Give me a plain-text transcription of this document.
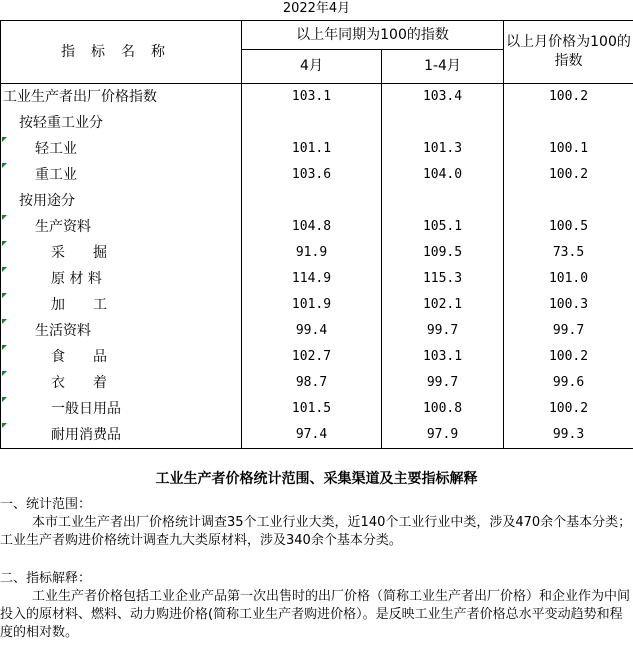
2022年4月
指标名称	以上年同期为100的指数		以上月价格为100的指数
	4月	1-4月	
工业生产者出厂价格指数	103.1	103.4	100.2
按轻重工业分			
轻工业	101.1	101.3	100.1
重工业	103.6	104.0	100.2
按用途分			
生产资料	104.8	105.1	100.5
采　　掘	91.9	109.5	73.5
原 材 料	114.9	115.3	101.0
加　　工	101.9	102.1	100.3
生活资料	99.4	99.7	99.7
食　　品	102.7	103.1	100.2
衣　　着	98.7	99.7	99.6
一般日用品	101.5	100.8	100.2
耐用消费品	97.4	97.9	99.3
工业生产者价格统计范围、采集渠道及主要指标解释
一、统计范围：
本市工业生产者出厂价格统计调查35个工业行业大类，近140个工业行业中类，涉及470余个基本分类；工业生产者购进价格统计调查九大类原材料，涉及340余个基本分类。
二、指标解释：
工业生产者价格包括工业企业产品第一次出售时的出厂价格（简称工业生产者出厂价格）和企业作为中间投入的原材料、燃料、动力购进价格(简称工业生产者购进价格）。是反映工业生产者价格总水平变动趋势和程度的相对数。
